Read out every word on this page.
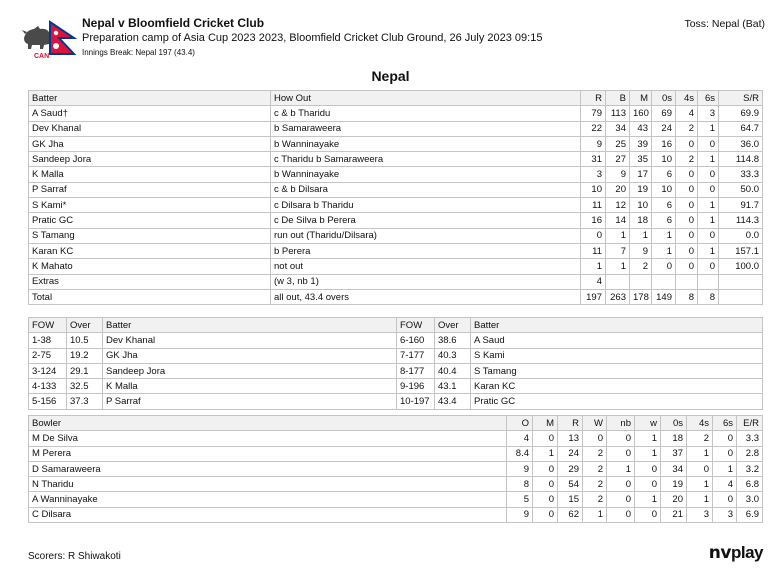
CAN
Nepal v Bloomfield Cricket Club
Preparation camp of Asia Cup 2023 2023, Bloomfield Cricket Club Ground, 26 July 2023 09:15
Innings Break: Nepal 197 (43.4)
Toss: Nepal (Bat)
Nepal
Batter	How Out	R	B	M	0s	4s	6s	S/R
A Saud†	c & b Tharidu	79	113	160	69	4	3	69.9
Dev Khanal	b Samaraweera	22	34	43	24	2	1	64.7
GK Jha	b Wanninayake	9	25	39	16	0	0	36.0
Sandeep Jora	c Tharidu b Samaraweera	31	27	35	10	2	1	114.8
K Malla	b Wanninayake	3	9	17	6	0	0	33.3
P Sarraf	c & b Dilsara	10	20	19	10	0	0	50.0
S Kami*	c Dilsara b Tharidu	11	12	10	6	0	1	91.7
Pratic GC	c De Silva b Perera	16	14	18	6	0	1	114.3
S Tamang	run out (Tharidu/Dilsara)	0	1	1	1	0	0	0.0
Karan KC	b Perera	11	7	9	1	0	1	157.1
K Mahato	not out	1	1	2	0	0	0	100.0
Extras	(w 3, nb 1)	4						
Total	all out, 43.4 overs	197	263	178	149	8	8	
FOW	Over	Batter	FOW	Over	Batter
1-38	10.5	Dev Khanal	6-160	38.6	A Saud
2-75	19.2	GK Jha	7-177	40.3	S Kami
3-124	29.1	Sandeep Jora	8-177	40.4	S Tamang
4-133	32.5	K Malla	9-196	43.1	Karan KC
5-156	37.3	P Sarraf	10-197	43.4	Pratic GC
Bowler	O	M	R	W	nb	w	0s	4s	6s	E/R
M De Silva	4	0	13	0	0	1	18	2	0	3.3
M Perera	8.4	1	24	2	0	1	37	1	0	2.8
D Samaraweera	9	0	29	2	1	0	34	0	1	3.2
N Tharidu	8	0	54	2	0	0	19	1	4	6.8
A Wanninayake	5	0	15	2	0	1	20	1	0	3.0
C Dilsara	9	0	62	1	0	0	21	3	3	6.9
Scorers: R Shiwakoti	nvplay
